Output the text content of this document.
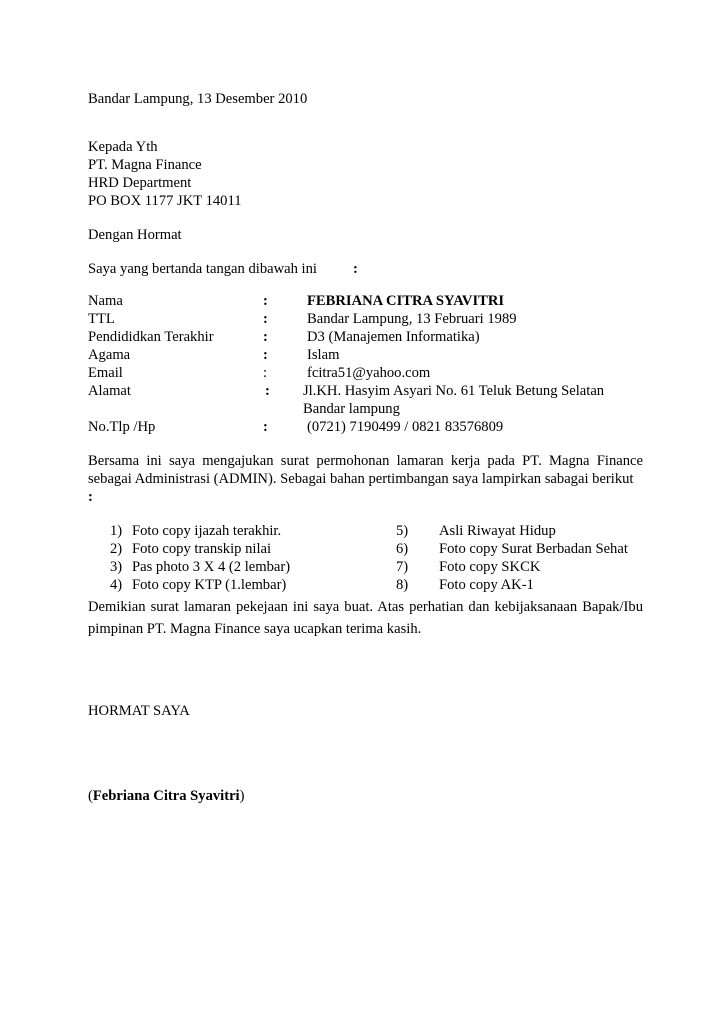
Bandar Lampung, 13 Desember 2010
Kepada Yth
PT. Magna Finance
HRD Department
PO BOX 1177 JKT 14011
Dengan Hormat
Saya yang bertanda tangan dibawah ini :
Nama	:	FEBRIANA CITRA SYAVITRI
TTL	:	Bandar Lampung, 13 Februari 1989
Pendididkan Terakhir	:	D3 (Manajemen Informatika)
Agama	:	Islam
Email	:	fcitra51@yahoo.com
Alamat	: Jl.KH. Hasyim Asyari No. 61 Teluk Betung Selatan
Bandar lampung
No.Tlp /Hp	:	(0721) 7190499 / 0821 83576809
Bersama ini saya mengajukan surat permohonan lamaran kerja pada PT. Magna Finance sebagai Administrasi (ADMIN). Sebagai bahan pertimbangan saya lampirkan sabagai berikut
:
1) Foto copy ijazah terakhir.
2) Foto copy transkip nilai
3) Pas photo 3 X 4 (2 lembar)
4) Foto copy KTP (1.lembar)
5) Asli Riwayat Hidup
6) Foto copy Surat Berbadan Sehat
7) Foto copy SKCK
8) Foto copy AK-1
Demikian surat lamaran pekejaan ini saya buat. Atas perhatian dan kebijaksanaan Bapak/Ibu pimpinan PT. Magna Finance saya ucapkan terima kasih.
HORMAT SAYA
(Febriana Citra Syavitri)
